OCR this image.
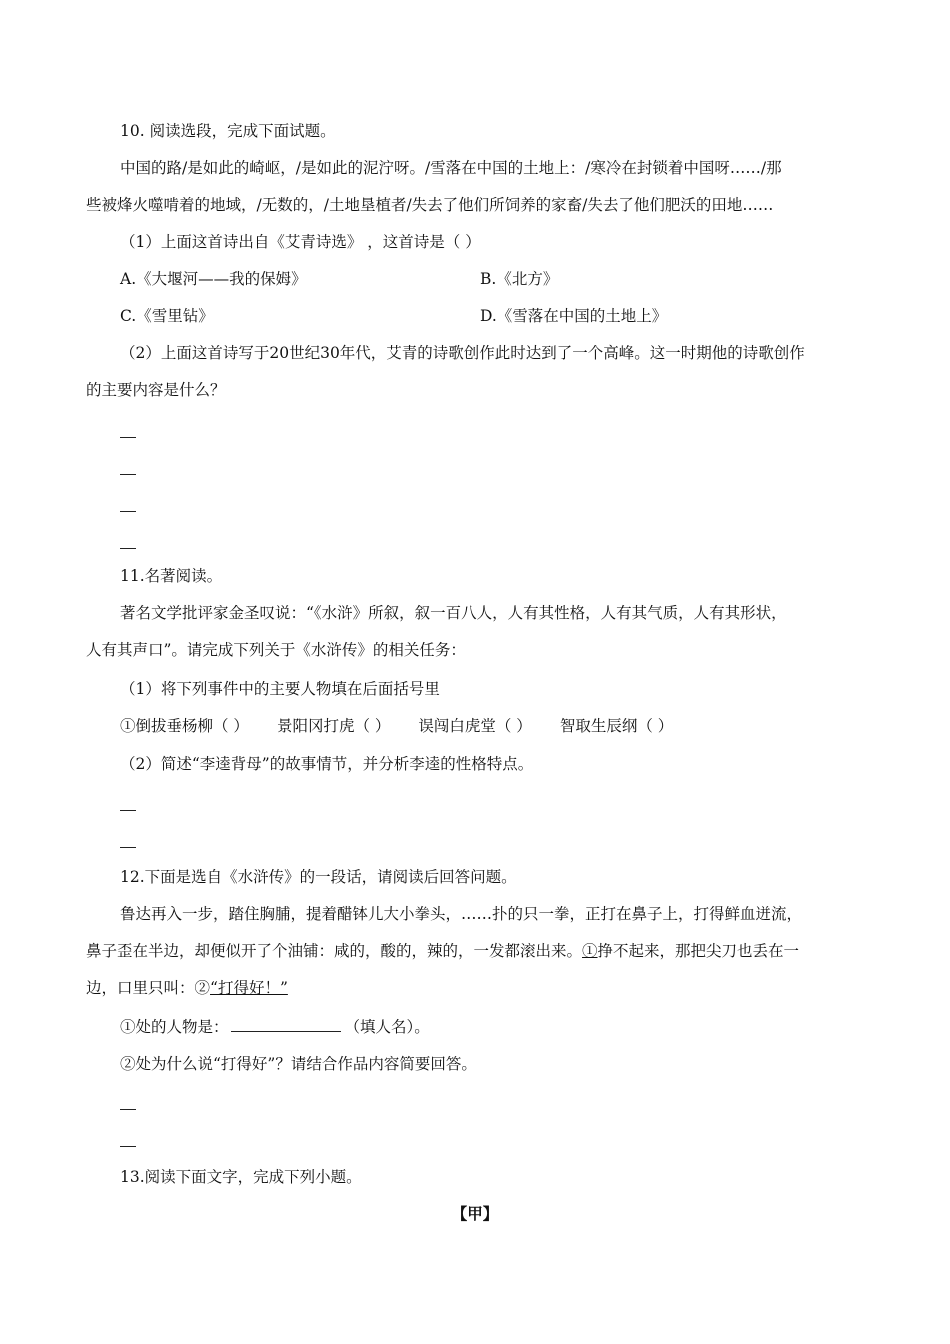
10. 阅读选段，完成下面试题。
中国的路/是如此的崎岖，/是如此的泥泞呀。/雪落在中国的土地上：/寒冷在封锁着中国呀……/那
些被烽火噬啃着的地域，/无数的，/土地垦植者/失去了他们所饲养的家畜/失去了他们肥沃的田地……
（1）上面这首诗出自《艾青诗选》 ，这首诗是（ ）
A.《大堰河——我的保姆》	B.《北方》
C.《雪里钻》	D.《雪落在中国的土地上》
（2）上面这首诗写于20世纪30年代，艾青的诗歌创作此时达到了一个高峰。这一时期他的诗歌创作
的主要内容是什么？
11.名著阅读。
著名文学批评家金圣叹说：“《水浒》所叙，叙一百八人，人有其性格，人有其气质，人有其形状，
人有其声口”。请完成下列关于《水浒传》的相关任务：
（1）将下列事件中的主要人物填在后面括号里
①倒拔垂杨柳（ ） 景阳冈打虎（ ） 误闯白虎堂（ ） 智取生辰纲（ ）
（2）简述“李逵背母”的故事情节，并分析李逵的性格特点。
12.下面是选自《水浒传》的一段话，请阅读后回答问题。
鲁达再入一步，踏住胸脯，提着醋钵儿大小拳头，……扑的只一拳，正打在鼻子上，打得鲜血迸流，
鼻子歪在半边，却便似开了个油铺：咸的，酸的，辣的，一发都滚出来。①挣不起来，那把尖刀也丢在一
边，口里只叫：②“打得好！”
①处的人物是：	（填人名）。
②处为什么说“打得好”？请结合作品内容简要回答。
13.阅读下面文字，完成下列小题。
【甲】
